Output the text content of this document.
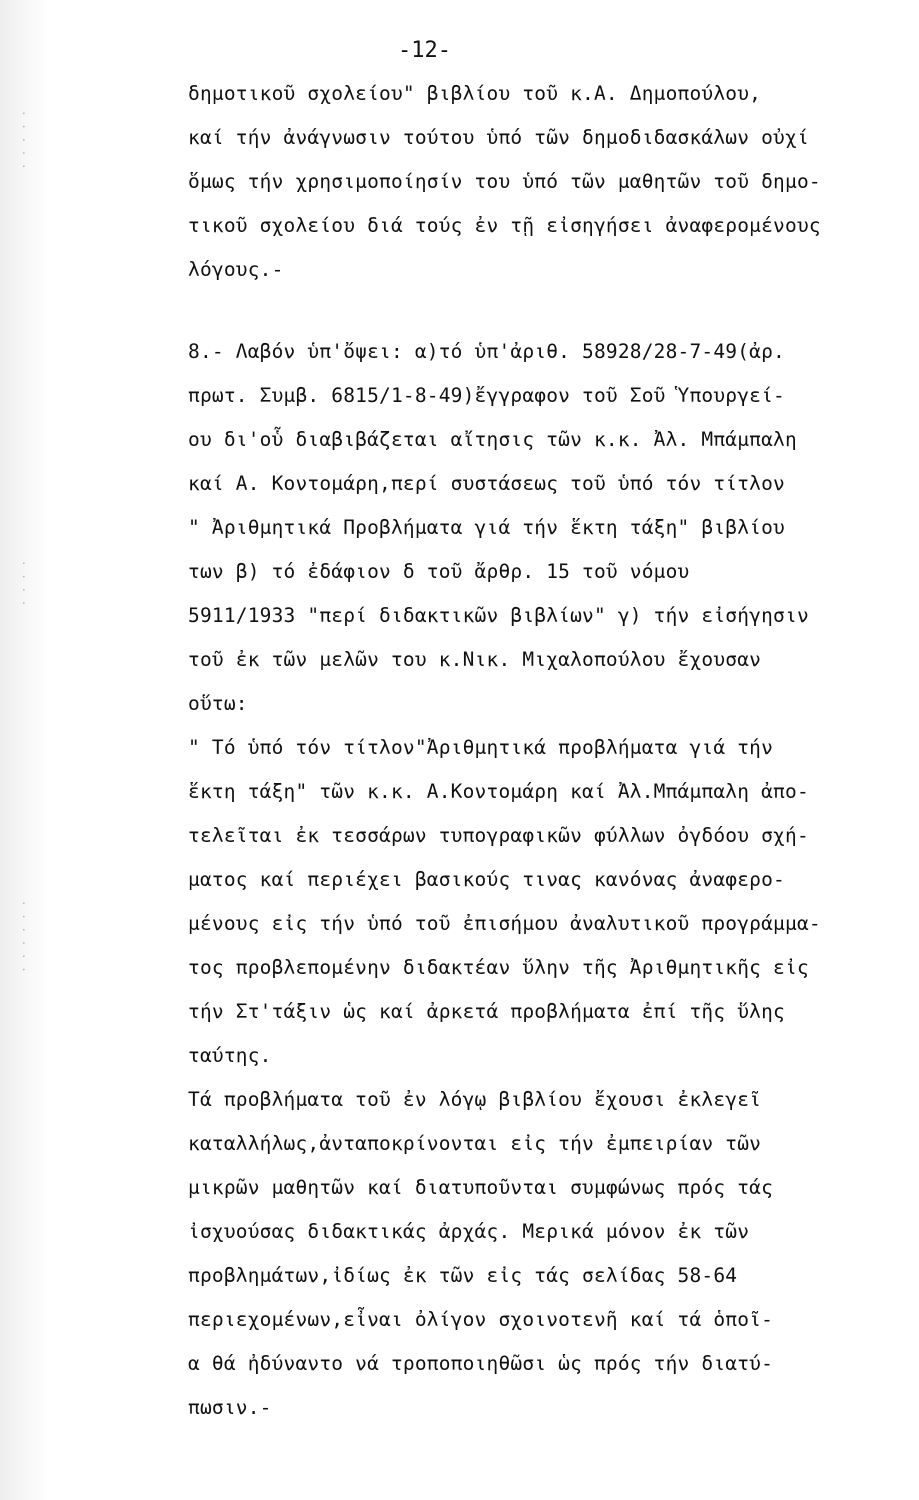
· · · · ·
· · · ·
· · · · · ·
-12-
δημοτικοῦ σχολείου" βιβλίου τοῦ κ.Α. Δημοπούλου,
καί τήν ἀνάγνωσιν τούτου ὑπό τῶν δημοδιδασκάλων οὐχί
ὅμως τήν χρησιμοποίησίν του ὑπό τῶν μαθητῶν τοῦ δημο-
τικοῦ σχολείου διά τούς ἐν τῇ εἰσηγήσει ἀναφερομένους
λόγους.-
8.- Λαβόν ὑπ'ὄψει: α)τό ὑπ'ἀριθ. 58928/28-7-49(ἀρ.
πρωτ. Συμβ. 6815/1-8-49)ἔγγραφον τοῦ Σοῦ Ὑπουργεί-
ου δι'οὗ διαβιβάζεται αἴτησις τῶν κ.κ. Ἀλ. Μπάμπαλη
καί Α. Κοντομάρη,περί συστάσεως τοῦ ὑπό τόν τίτλον
" Ἀριθμητικά Προβλήματα γιά τήν ἕκτη τάξη" βιβλίου
των β) τό ἐδάφιον δ τοῦ ἄρθρ. 15 τοῦ νόμου
5911/1933 "περί διδακτικῶν βιβλίων" γ) τήν εἰσήγησιν
τοῦ ἐκ τῶν μελῶν του κ.Νικ. Μιχαλοπούλου ἔχουσαν
οὕτω:
" Τό ὑπό τόν τίτλον"Ἀριθμητικά προβλήματα γιά τήν
ἕκτη τάξη" τῶν κ.κ. Α.Κοντομάρη καί Ἀλ.Μπάμπαλη ἀπο-
τελεῖται ἐκ τεσσάρων τυπογραφικῶν φύλλων ὀγδόου σχή-
ματος καί περιέχει βασικούς τινας κανόνας ἀναφερο-
μένους εἰς τήν ὑπό τοῦ ἐπισήμου ἀναλυτικοῦ προγράμμα-
τος προβλεπομένην διδακτέαν ὕλην τῆς Ἀριθμητικῆς εἰς
τήν Στ'τάξιν ὡς καί ἀρκετά προβλήματα ἐπί τῆς ὕλης
ταύτης.
Τά προβλήματα τοῦ ἐν λόγῳ βιβλίου ἔχουσι ἐκλεγεῖ
καταλλήλως,ἀνταποκρίνονται εἰς τήν ἐμπειρίαν τῶν
μικρῶν μαθητῶν καί διατυποῦνται συμφώνως πρός τάς
ἰσχυούσας διδακτικάς ἀρχάς. Μερικά μόνον ἐκ τῶν
προβλημάτων,ἰδίως ἐκ τῶν εἰς τάς σελίδας 58-64
περιεχομένων,εἶναι ὀλίγον σχοινοτενῆ καί τά ὁποῖ-
α θά ἠδύναντο νά τροποποιηθῶσι ὡς πρός τήν διατύ-
πωσιν.-
